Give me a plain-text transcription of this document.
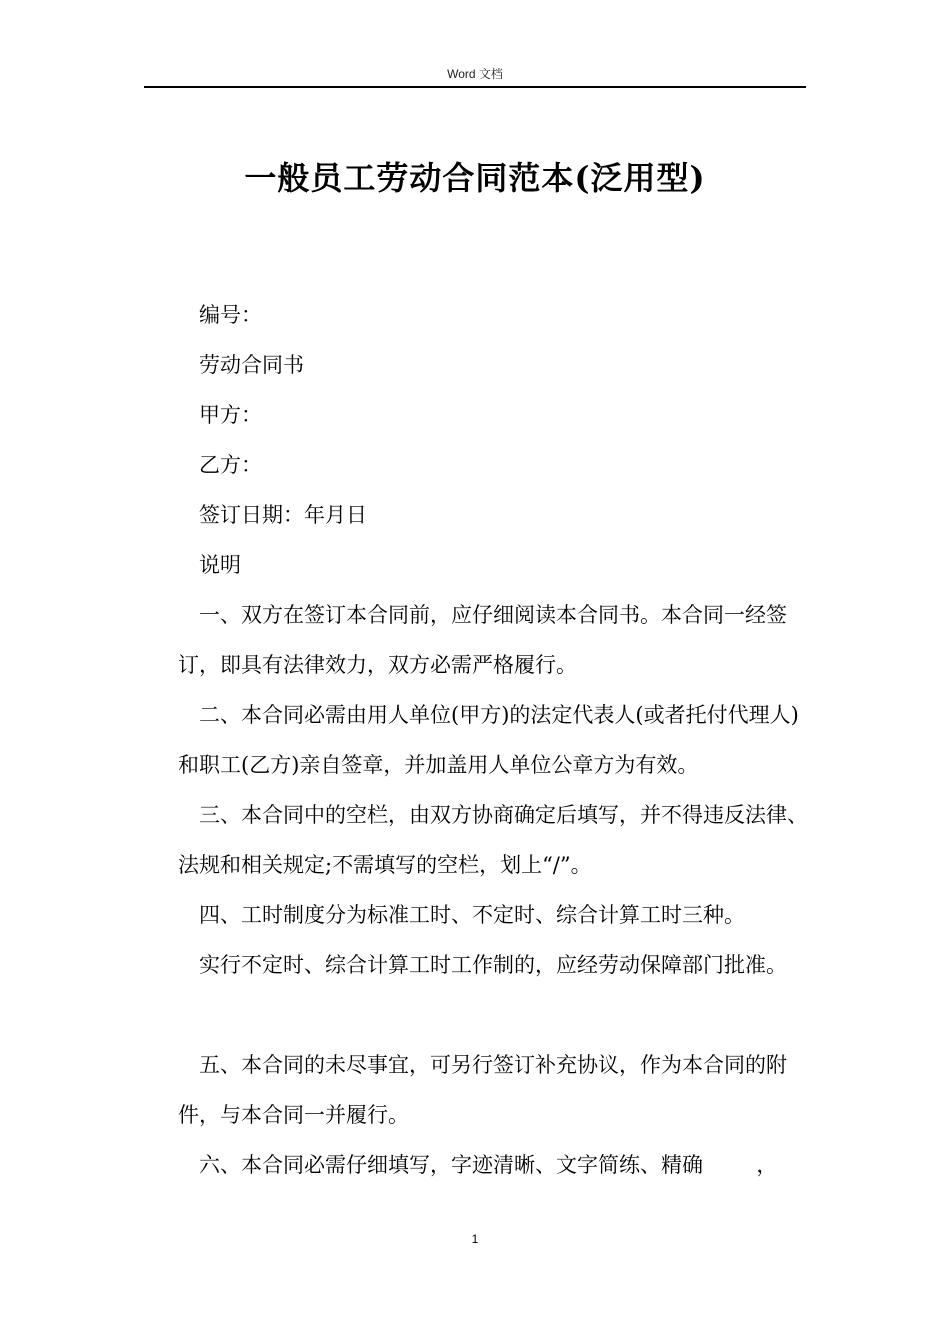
Word 文档
一般员工劳动合同范本(泛用型)

编号：

劳动合同书

甲方：

乙方：

签订日期：年月日

说明

一、双方在签订本合同前，应仔细阅读本合同书。本合同一经签订，即具有法律效力，双方必需严格履行。

二、本合同必需由用人单位(甲方)的法定代表人(或者托付代理人)和职工(乙方)亲自签章，并加盖用人单位公章方为有效。

三、本合同中的空栏，由双方协商确定后填写，并不得违反法律、法规和相关规定;不需填写的空栏，划上“/”。

四、工时制度分为标准工时、不定时、综合计算工时三种。

实行不定时、综合计算工时工作制的，应经劳动保障部门批准。

五、本合同的未尽事宜，可另行签订补充协议，作为本合同的附件，与本合同一并履行。

六、本合同必需仔细填写，字迹清晰、文字简练、精确        ，

1
